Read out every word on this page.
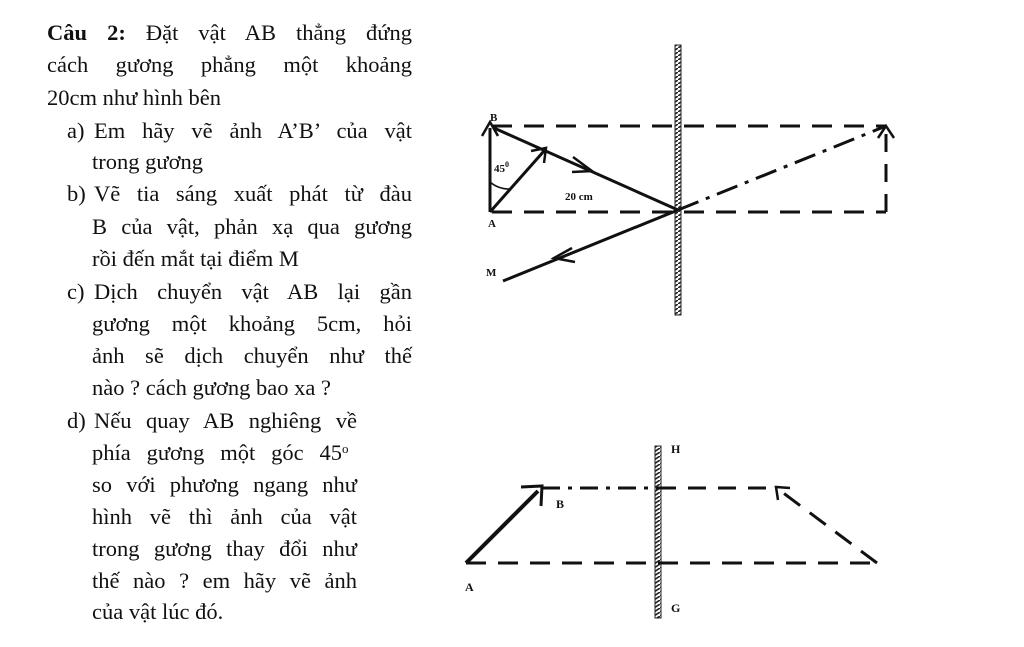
Câu 2: Đặt vật AB thẳng đứng
cách gương phẳng một khoảng
20cm như hình bên
a) Em hãy vẽ ảnh A’B’ của vật
trong gương
b) Vẽ tia sáng xuất phát từ đàu
B của vật, phản xạ qua gương
rồi đến mắt tại điểm M
c) Dịch chuyển vật AB lại gần
gương một khoảng 5cm, hỏi
ảnh sẽ dịch chuyển như thế
nào ? cách gương bao xa ?
d) Nếu quay AB nghiêng về
phía gương một góc 45$^o$
so với phương ngang như
hình vẽ thì ảnh của vật
trong gương thay đổi như
thế nào ? em hãy vẽ ảnh
của vật lúc đó.
B
A
M
$45^0$
20 cm
H
B
A
G
